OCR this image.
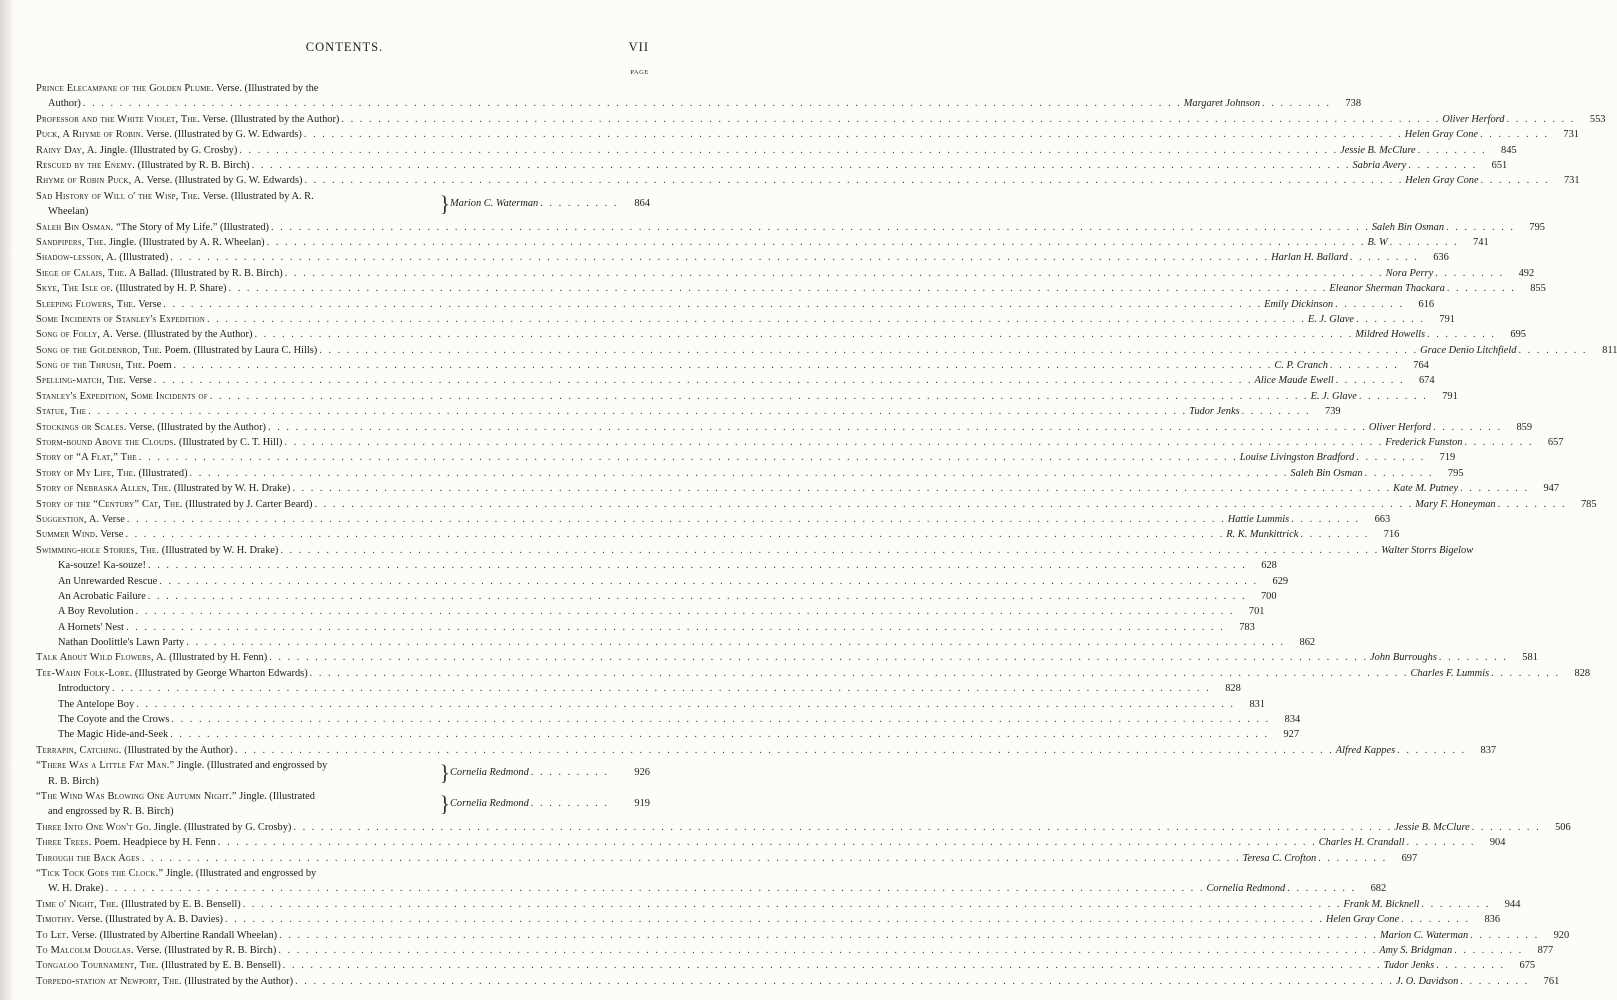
CONTENTS.	VII
PAGE
Prince Elecampane of the Golden Plume. Verse. (Illustrated by the
Author) . . . . . . . . . . . . . . . . . . . . . . . . . . . . . . . . . . . . . . . . . . . . . . . . . . . . . . . . . . . . . . . . . . . . . . . . . . . . . . . . . . . . . . . . . . . . . . . . . . . . . . . . . . . . . . . . . . . . . . . . Margaret Johnson . . . . . . . .	738
Professor and the White Violet, The. Verse. (Illustrated by the Author) . . . . . . . . . . . . . . . . . . . . . . . . . . . . . . . . . . . . . . . . . . . . . . . . . . . . . . . . . . . . . . . . . . . . . . . . . . . . . . . . . . . . . . . . . . . . . . . . . . . . . . . . . . . . . . . . . . . . . . . . Oliver Herford . . . . . . . .	553
Puck, A Rhyme of Robin. Verse. (Illustrated by G. W. Edwards) . . . . . . . . . . . . . . . . . . . . . . . . . . . . . . . . . . . . . . . . . . . . . . . . . . . . . . . . . . . . . . . . . . . . . . . . . . . . . . . . . . . . . . . . . . . . . . . . . . . . . . . . . . . . . . . . . . . . . . . . Helen Gray Cone . . . . . . . .	731
Rainy Day, A. Jingle. (Illustrated by G. Crosby) . . . . . . . . . . . . . . . . . . . . . . . . . . . . . . . . . . . . . . . . . . . . . . . . . . . . . . . . . . . . . . . . . . . . . . . . . . . . . . . . . . . . . . . . . . . . . . . . . . . . . . . . . . . . . . . . . . . . . . . . Jessie B. McClure . . . . . . . .	845
Rescued by the Enemy. (Illustrated by R. B. Birch) . . . . . . . . . . . . . . . . . . . . . . . . . . . . . . . . . . . . . . . . . . . . . . . . . . . . . . . . . . . . . . . . . . . . . . . . . . . . . . . . . . . . . . . . . . . . . . . . . . . . . . . . . . . . . . . . . . . . . . . . Sabria Avery . . . . . . . .	651
Rhyme of Robin Puck, A. Verse. (Illustrated by G. W. Edwards) . . . . . . . . . . . . . . . . . . . . . . . . . . . . . . . . . . . . . . . . . . . . . . . . . . . . . . . . . . . . . . . . . . . . . . . . . . . . . . . . . . . . . . . . . . . . . . . . . . . . . . . . . . . . . . . . . . . . . . . . Helen Gray Cone . . . . . . . .	731
Sad History of Will o' the Wisp, The. Verse. (Illustrated by A. R.
Wheelan)	} Marion C. Waterman . . . . . . . . .	864
Saleh Bin Osman. “The Story of My Life.” (Illustrated) . . . . . . . . . . . . . . . . . . . . . . . . . . . . . . . . . . . . . . . . . . . . . . . . . . . . . . . . . . . . . . . . . . . . . . . . . . . . . . . . . . . . . . . . . . . . . . . . . . . . . . . . . . . . . . . . . . . . . . . . Saleh Bin Osman . . . . . . . .	795
Sandpipers, The. Jingle. (Illustrated by A. R. Wheelan) . . . . . . . . . . . . . . . . . . . . . . . . . . . . . . . . . . . . . . . . . . . . . . . . . . . . . . . . . . . . . . . . . . . . . . . . . . . . . . . . . . . . . . . . . . . . . . . . . . . . . . . . . . . . . . . . . . . . . . . . B. W . . . . . . . .	741
Shadow-lesson, A. (Illustrated) . . . . . . . . . . . . . . . . . . . . . . . . . . . . . . . . . . . . . . . . . . . . . . . . . . . . . . . . . . . . . . . . . . . . . . . . . . . . . . . . . . . . . . . . . . . . . . . . . . . . . . . . . . . . . . . . . . . . . . . . Harlan H. Ballard . . . . . . . .	636
Siege of Calais, The. A Ballad. (Illustrated by R. B. Birch) . . . . . . . . . . . . . . . . . . . . . . . . . . . . . . . . . . . . . . . . . . . . . . . . . . . . . . . . . . . . . . . . . . . . . . . . . . . . . . . . . . . . . . . . . . . . . . . . . . . . . . . . . . . . . . . . . . . . . . . . Nora Perry . . . . . . . .	492
Skye, The Isle of. (Illustrated by H. P. Share) . . . . . . . . . . . . . . . . . . . . . . . . . . . . . . . . . . . . . . . . . . . . . . . . . . . . . . . . . . . . . . . . . . . . . . . . . . . . . . . . . . . . . . . . . . . . . . . . . . . . . . . . . . . . . . . . . . . . . . . . Eleanor Sherman Thackara . . . . . . . .	855
Sleeping Flowers, The. Verse . . . . . . . . . . . . . . . . . . . . . . . . . . . . . . . . . . . . . . . . . . . . . . . . . . . . . . . . . . . . . . . . . . . . . . . . . . . . . . . . . . . . . . . . . . . . . . . . . . . . . . . . . . . . . . . . . . . . . . . . Emily Dickinson . . . . . . . .	616
Some Incidents of Stanley's Expedition . . . . . . . . . . . . . . . . . . . . . . . . . . . . . . . . . . . . . . . . . . . . . . . . . . . . . . . . . . . . . . . . . . . . . . . . . . . . . . . . . . . . . . . . . . . . . . . . . . . . . . . . . . . . . . . . . . . . . . . . E. J. Glave . . . . . . . .	791
Song of Folly, A. Verse. (Illustrated by the Author) . . . . . . . . . . . . . . . . . . . . . . . . . . . . . . . . . . . . . . . . . . . . . . . . . . . . . . . . . . . . . . . . . . . . . . . . . . . . . . . . . . . . . . . . . . . . . . . . . . . . . . . . . . . . . . . . . . . . . . . . Mildred Howells . . . . . . . .	695
Song of the Goldenrod, The. Poem. (Illustrated by Laura C. Hills) . . . . . . . . . . . . . . . . . . . . . . . . . . . . . . . . . . . . . . . . . . . . . . . . . . . . . . . . . . . . . . . . . . . . . . . . . . . . . . . . . . . . . . . . . . . . . . . . . . . . . . . . . . . . . . . . . . . . . . . . Grace Denio Litchfield . . . . . . . .	811
Song of the Thrush, The. Poem . . . . . . . . . . . . . . . . . . . . . . . . . . . . . . . . . . . . . . . . . . . . . . . . . . . . . . . . . . . . . . . . . . . . . . . . . . . . . . . . . . . . . . . . . . . . . . . . . . . . . . . . . . . . . . . . . . . . . . . . C. P. Cranch . . . . . . . .	764
Spelling-match, The. Verse . . . . . . . . . . . . . . . . . . . . . . . . . . . . . . . . . . . . . . . . . . . . . . . . . . . . . . . . . . . . . . . . . . . . . . . . . . . . . . . . . . . . . . . . . . . . . . . . . . . . . . . . . . . . . . . . . . . . . . . . Alice Maude Ewell . . . . . . . .	674
Stanley's Expedition, Some Incidents of . . . . . . . . . . . . . . . . . . . . . . . . . . . . . . . . . . . . . . . . . . . . . . . . . . . . . . . . . . . . . . . . . . . . . . . . . . . . . . . . . . . . . . . . . . . . . . . . . . . . . . . . . . . . . . . . . . . . . . . . E. J. Glave . . . . . . . .	791
Statue, The . . . . . . . . . . . . . . . . . . . . . . . . . . . . . . . . . . . . . . . . . . . . . . . . . . . . . . . . . . . . . . . . . . . . . . . . . . . . . . . . . . . . . . . . . . . . . . . . . . . . . . . . . . . . . . . . . . . . . . . . Tudor Jenks . . . . . . . .	739
Stockings or Scales. Verse. (Illustrated by the Author) . . . . . . . . . . . . . . . . . . . . . . . . . . . . . . . . . . . . . . . . . . . . . . . . . . . . . . . . . . . . . . . . . . . . . . . . . . . . . . . . . . . . . . . . . . . . . . . . . . . . . . . . . . . . . . . . . . . . . . . . Oliver Herford . . . . . . . .	859
Storm-bound Above the Clouds. (Illustrated by C. T. Hill) . . . . . . . . . . . . . . . . . . . . . . . . . . . . . . . . . . . . . . . . . . . . . . . . . . . . . . . . . . . . . . . . . . . . . . . . . . . . . . . . . . . . . . . . . . . . . . . . . . . . . . . . . . . . . . . . . . . . . . . . Frederick Funston . . . . . . . .	657
Story of “A Flat,” The . . . . . . . . . . . . . . . . . . . . . . . . . . . . . . . . . . . . . . . . . . . . . . . . . . . . . . . . . . . . . . . . . . . . . . . . . . . . . . . . . . . . . . . . . . . . . . . . . . . . . . . . . . . . . . . . . . . . . . . . Louise Livingston Bradford . . . . . . . .	719
Story of My Life, The. (Illustrated) . . . . . . . . . . . . . . . . . . . . . . . . . . . . . . . . . . . . . . . . . . . . . . . . . . . . . . . . . . . . . . . . . . . . . . . . . . . . . . . . . . . . . . . . . . . . . . . . . . . . . . . . . . . . . . . . . . . . . . . . Saleh Bin Osman . . . . . . . .	795
Story of Nebraska Allen, The. (Illustrated by W. H. Drake) . . . . . . . . . . . . . . . . . . . . . . . . . . . . . . . . . . . . . . . . . . . . . . . . . . . . . . . . . . . . . . . . . . . . . . . . . . . . . . . . . . . . . . . . . . . . . . . . . . . . . . . . . . . . . . . . . . . . . . . . Kate M. Putney . . . . . . . .	947
Story of the “Century” Cat, The. (Illustrated by J. Carter Beard) . . . . . . . . . . . . . . . . . . . . . . . . . . . . . . . . . . . . . . . . . . . . . . . . . . . . . . . . . . . . . . . . . . . . . . . . . . . . . . . . . . . . . . . . . . . . . . . . . . . . . . . . . . . . . . . . . . . . . . . . Mary F. Honeyman . . . . . . . .	785
Suggestion, A. Verse . . . . . . . . . . . . . . . . . . . . . . . . . . . . . . . . . . . . . . . . . . . . . . . . . . . . . . . . . . . . . . . . . . . . . . . . . . . . . . . . . . . . . . . . . . . . . . . . . . . . . . . . . . . . . . . . . . . . . . . . Hattie Lummis . . . . . . . .	663
Summer Wind. Verse . . . . . . . . . . . . . . . . . . . . . . . . . . . . . . . . . . . . . . . . . . . . . . . . . . . . . . . . . . . . . . . . . . . . . . . . . . . . . . . . . . . . . . . . . . . . . . . . . . . . . . . . . . . . . . . . . . . . . . . . R. K. Munkittrick . . . . . . . .	716
Swimming-hole Stories, The. (Illustrated by W. H. Drake) . . . . . . . . . . . . . . . . . . . . . . . . . . . . . . . . . . . . . . . . . . . . . . . . . . . . . . . . . . . . . . . . . . . . . . . . . . . . . . . . . . . . . . . . . . . . . . . . . . . . . . . . . . . . . . . . . . . . . . . . Walter Storrs Bigelow
Ka-souze! Ka-souze! . . . . . . . . . . . . . . . . . . . . . . . . . . . . . . . . . . . . . . . . . . . . . . . . . . . . . . . . . . . . . . . . . . . . . . . . . . . . . . . . . . . . . . . . . . . . . . . . . . . . . . . . . . . . . . . . . . . . . . . .	628
An Unrewarded Rescue . . . . . . . . . . . . . . . . . . . . . . . . . . . . . . . . . . . . . . . . . . . . . . . . . . . . . . . . . . . . . . . . . . . . . . . . . . . . . . . . . . . . . . . . . . . . . . . . . . . . . . . . . . . . . . . . . . . . . . . .	629
An Acrobatic Failure . . . . . . . . . . . . . . . . . . . . . . . . . . . . . . . . . . . . . . . . . . . . . . . . . . . . . . . . . . . . . . . . . . . . . . . . . . . . . . . . . . . . . . . . . . . . . . . . . . . . . . . . . . . . . . . . . . . . . . . .	700
A Boy Revolution . . . . . . . . . . . . . . . . . . . . . . . . . . . . . . . . . . . . . . . . . . . . . . . . . . . . . . . . . . . . . . . . . . . . . . . . . . . . . . . . . . . . . . . . . . . . . . . . . . . . . . . . . . . . . . . . . . . . . . . .	701
A Hornets' Nest . . . . . . . . . . . . . . . . . . . . . . . . . . . . . . . . . . . . . . . . . . . . . . . . . . . . . . . . . . . . . . . . . . . . . . . . . . . . . . . . . . . . . . . . . . . . . . . . . . . . . . . . . . . . . . . . . . . . . . . .	783
Nathan Doolittle's Lawn Party . . . . . . . . . . . . . . . . . . . . . . . . . . . . . . . . . . . . . . . . . . . . . . . . . . . . . . . . . . . . . . . . . . . . . . . . . . . . . . . . . . . . . . . . . . . . . . . . . . . . . . . . . . . . . . . . . . . . . . . .	862
Talk About Wild Flowers, A. (Illustrated by H. Fenn) . . . . . . . . . . . . . . . . . . . . . . . . . . . . . . . . . . . . . . . . . . . . . . . . . . . . . . . . . . . . . . . . . . . . . . . . . . . . . . . . . . . . . . . . . . . . . . . . . . . . . . . . . . . . . . . . . . . . . . . . John Burroughs . . . . . . . .	581
Tee-Wahn Folk-Lore. (Illustrated by George Wharton Edwards) . . . . . . . . . . . . . . . . . . . . . . . . . . . . . . . . . . . . . . . . . . . . . . . . . . . . . . . . . . . . . . . . . . . . . . . . . . . . . . . . . . . . . . . . . . . . . . . . . . . . . . . . . . . . . . . . . . . . . . . . Charles F. Lummis . . . . . . . .	828
Introductory . . . . . . . . . . . . . . . . . . . . . . . . . . . . . . . . . . . . . . . . . . . . . . . . . . . . . . . . . . . . . . . . . . . . . . . . . . . . . . . . . . . . . . . . . . . . . . . . . . . . . . . . . . . . . . . . . . . . . . . .	828
The Antelope Boy . . . . . . . . . . . . . . . . . . . . . . . . . . . . . . . . . . . . . . . . . . . . . . . . . . . . . . . . . . . . . . . . . . . . . . . . . . . . . . . . . . . . . . . . . . . . . . . . . . . . . . . . . . . . . . . . . . . . . . . .	831
The Coyote and the Crows . . . . . . . . . . . . . . . . . . . . . . . . . . . . . . . . . . . . . . . . . . . . . . . . . . . . . . . . . . . . . . . . . . . . . . . . . . . . . . . . . . . . . . . . . . . . . . . . . . . . . . . . . . . . . . . . . . . . . . . .	834
The Magic Hide-and-Seek . . . . . . . . . . . . . . . . . . . . . . . . . . . . . . . . . . . . . . . . . . . . . . . . . . . . . . . . . . . . . . . . . . . . . . . . . . . . . . . . . . . . . . . . . . . . . . . . . . . . . . . . . . . . . . . . . . . . . . . .	927
Terrapin, Catching. (Illustrated by the Author) . . . . . . . . . . . . . . . . . . . . . . . . . . . . . . . . . . . . . . . . . . . . . . . . . . . . . . . . . . . . . . . . . . . . . . . . . . . . . . . . . . . . . . . . . . . . . . . . . . . . . . . . . . . . . . . . . . . . . . . . Alfred Kappes . . . . . . . .	837
“There Was a Little Fat Man.” Jingle. (Illustrated and engrossed by
R. B. Birch)	} Cornelia Redmond . . . . . . . . .	926
“The Wind Was Blowing One Autumn Night.” Jingle. (Illustrated
and engrossed by R. B. Birch)	} Cornelia Redmond . . . . . . . . .	919
Three Into One Won't Go. Jingle. (Illustrated by G. Crosby) . . . . . . . . . . . . . . . . . . . . . . . . . . . . . . . . . . . . . . . . . . . . . . . . . . . . . . . . . . . . . . . . . . . . . . . . . . . . . . . . . . . . . . . . . . . . . . . . . . . . . . . . . . . . . . . . . . . . . . . . Jessie B. McClure . . . . . . . .	506
Three Trees. Poem. Headpiece by H. Fenn . . . . . . . . . . . . . . . . . . . . . . . . . . . . . . . . . . . . . . . . . . . . . . . . . . . . . . . . . . . . . . . . . . . . . . . . . . . . . . . . . . . . . . . . . . . . . . . . . . . . . . . . . . . . . . . . . . . . . . . . Charles H. Crandall . . . . . . . .	904
Through the Back Ages . . . . . . . . . . . . . . . . . . . . . . . . . . . . . . . . . . . . . . . . . . . . . . . . . . . . . . . . . . . . . . . . . . . . . . . . . . . . . . . . . . . . . . . . . . . . . . . . . . . . . . . . . . . . . . . . . . . . . . . . Teresa C. Crofton . . . . . . . .	697
“Tick Tock Goes the Clock.” Jingle. (Illustrated and engrossed by
W. H. Drake) . . . . . . . . . . . . . . . . . . . . . . . . . . . . . . . . . . . . . . . . . . . . . . . . . . . . . . . . . . . . . . . . . . . . . . . . . . . . . . . . . . . . . . . . . . . . . . . . . . . . . . . . . . . . . . . . . . . . . . . . Cornelia Redmond . . . . . . . .	682
Time o' Night, The. (Illustrated by E. B. Bensell) . . . . . . . . . . . . . . . . . . . . . . . . . . . . . . . . . . . . . . . . . . . . . . . . . . . . . . . . . . . . . . . . . . . . . . . . . . . . . . . . . . . . . . . . . . . . . . . . . . . . . . . . . . . . . . . . . . . . . . . . Frank M. Bicknell . . . . . . . .	944
Timothy. Verse. (Illustrated by A. B. Davies) . . . . . . . . . . . . . . . . . . . . . . . . . . . . . . . . . . . . . . . . . . . . . . . . . . . . . . . . . . . . . . . . . . . . . . . . . . . . . . . . . . . . . . . . . . . . . . . . . . . . . . . . . . . . . . . . . . . . . . . . Helen Gray Cone . . . . . . . .	836
To Let. Verse. (Illustrated by Albertine Randall Wheelan) . . . . . . . . . . . . . . . . . . . . . . . . . . . . . . . . . . . . . . . . . . . . . . . . . . . . . . . . . . . . . . . . . . . . . . . . . . . . . . . . . . . . . . . . . . . . . . . . . . . . . . . . . . . . . . . . . . . . . . . . Marion C. Waterman . . . . . . . .	920
To Malcolm Douglas. Verse. (Illustrated by R. B. Birch) . . . . . . . . . . . . . . . . . . . . . . . . . . . . . . . . . . . . . . . . . . . . . . . . . . . . . . . . . . . . . . . . . . . . . . . . . . . . . . . . . . . . . . . . . . . . . . . . . . . . . . . . . . . . . . . . . . . . . . . . Amy S. Bridgman . . . . . . . .	877
Tongaloo Tournament, The. (Illustrated by E. B. Bensell) . . . . . . . . . . . . . . . . . . . . . . . . . . . . . . . . . . . . . . . . . . . . . . . . . . . . . . . . . . . . . . . . . . . . . . . . . . . . . . . . . . . . . . . . . . . . . . . . . . . . . . . . . . . . . . . . . . . . . . . . Tudor Jenks . . . . . . . .	675
Torpedo-station at Newport, The. (Illustrated by the Author) . . . . . . . . . . . . . . . . . . . . . . . . . . . . . . . . . . . . . . . . . . . . . . . . . . . . . . . . . . . . . . . . . . . . . . . . . . . . . . . . . . . . . . . . . . . . . . . . . . . . . . . . . . . . . . . . . . . . . . . . J. O. Davidson . . . . . . . .	761
